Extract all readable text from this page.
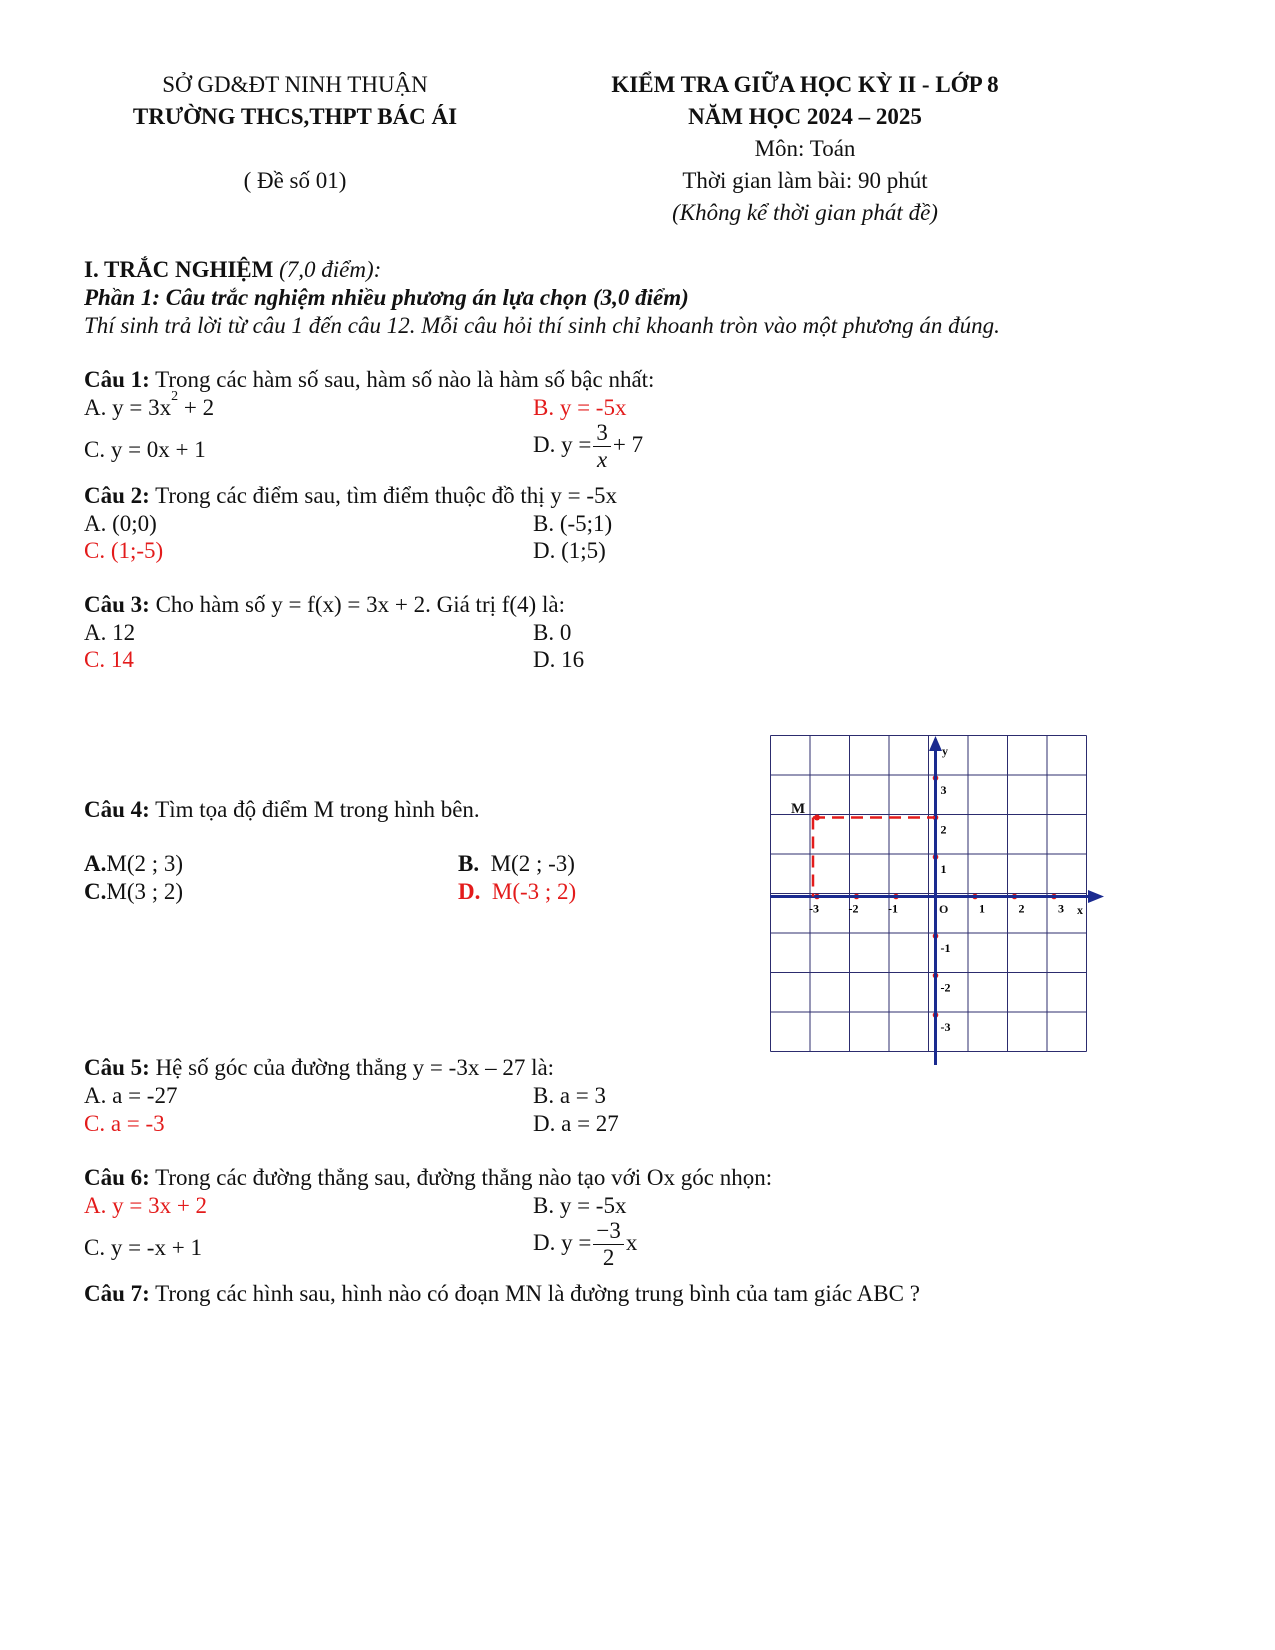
SỞ GD&ĐT NINH THUẬN
TRƯỜNG THCS,THPT BÁC ÁI
( Đề số 01)
KIỂM TRA GIỮA HỌC KỲ II - LỚP 8
NĂM HỌC 2024 – 2025
Môn: Toán
Thời gian làm bài: 90 phút
(Không kể thời gian phát đề)
I. TRẮC NGHIỆM (7,0 điểm):
Phần 1: Câu trắc nghiệm nhiều phương án lựa chọn (3,0 điểm)
Thí sinh trả lời từ câu 1 đến câu 12. Mỗi câu hỏi thí sinh chỉ khoanh tròn vào một phương án đúng.
Câu 1: Trong các hàm số sau, hàm số nào là hàm số bậc nhất:
A. $y = 3x^2 + 2$	B. y = -5x
C. y = 0x + 1	D. $y = \frac{3}{x} + 7$
Câu 2: Trong các điểm sau, tìm điểm thuộc đồ thị y = -5x
A. (0;0)	B. (-5;1)
C. (1;-5)	D. (1;5)
Câu 3: Cho hàm số y = f(x) = 3x + 2. Giá trị f(4) là:
A. 12	B. 0
C. 14	D. 16
Câu 4: Tìm tọa độ điểm M trong hình bên.
A.M(2 ; 3)	B. M(2 ; -3)
C.M(3 ; 2)	D. M(-3 ; 2)
-3 -2 -1	1	2	3
3
2
1
-1
-2
-3
y
x
O
M
Câu 5: Hệ số góc của đường thẳng y = -3x – 27 là:
A. a = -27	B. a = 3
C. a = -3	D. a = 27
Câu 6: Trong các đường thẳng sau, đường thẳng nào tạo với Ox góc nhọn:
A. y = 3x + 2	B. y = -5x
C. y = -x + 1	D. $y = \frac{-3}{2}$ x
Câu 7: Trong các hình sau, hình nào có đoạn MN là đường trung bình của tam giác ABC ?
